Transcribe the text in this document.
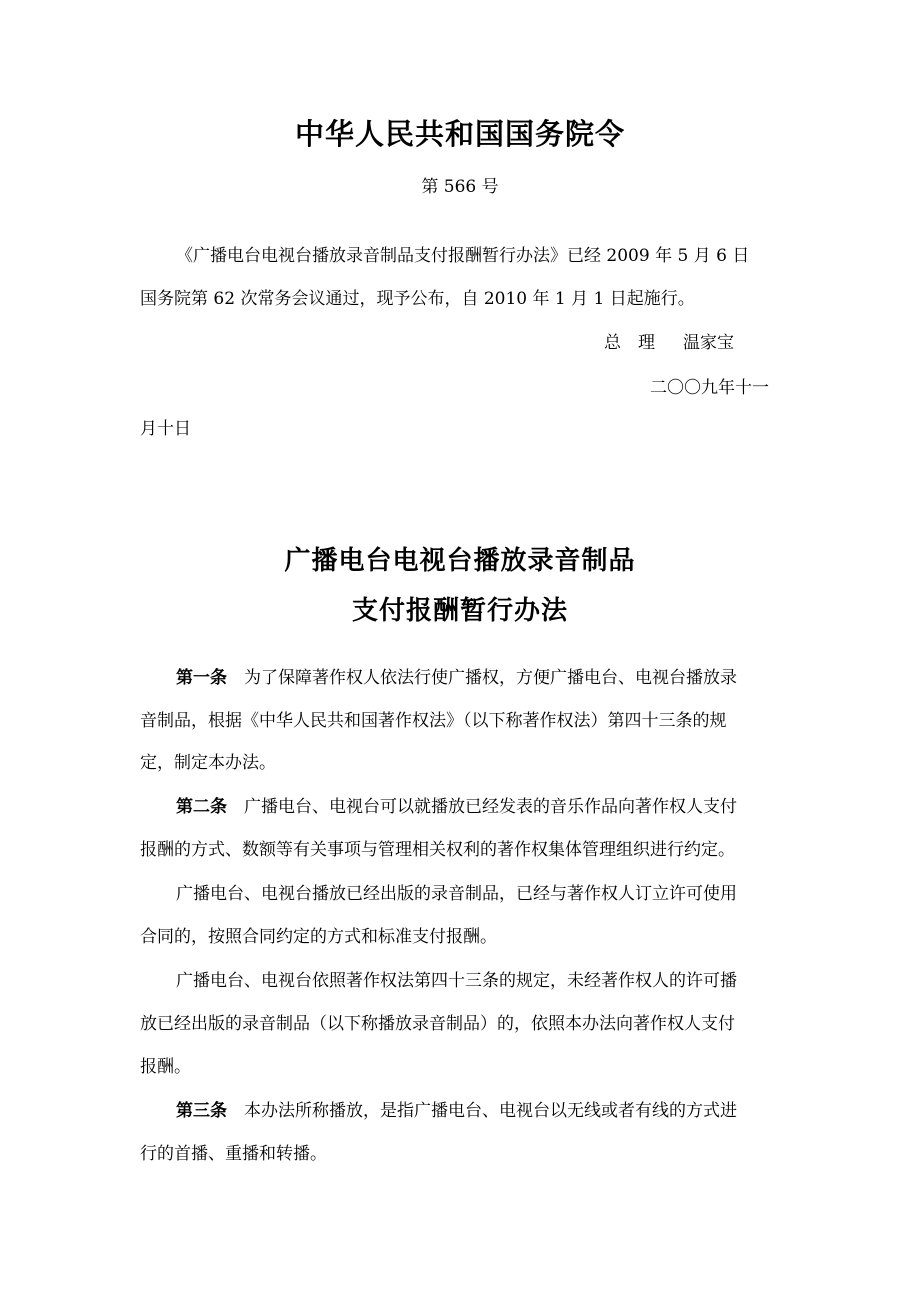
中华人民共和国国务院令
第 566 号
《广播电台电视台播放录音制品支付报酬暂行办法》已经 2009 年 5 月 6 日
国务院第 62 次常务会议通过，现予公布，自 2010 年 1 月 1 日起施行。
总　理 温家宝
二〇〇九年十一
月十日
广播电台电视台播放录音制品
支付报酬暂行办法
第一条 为了保障著作权人依法行使广播权，方便广播电台、电视台播放录
音制品，根据《中华人民共和国著作权法》（以下称著作权法）第四十三条的规
定，制定本办法。
第二条 广播电台、电视台可以就播放已经发表的音乐作品向著作权人支付
报酬的方式、数额等有关事项与管理相关权利的著作权集体管理组织进行约定。
广播电台、电视台播放已经出版的录音制品，已经与著作权人订立许可使用
合同的，按照合同约定的方式和标准支付报酬。
广播电台、电视台依照著作权法第四十三条的规定，未经著作权人的许可播
放已经出版的录音制品（以下称播放录音制品）的，依照本办法向著作权人支付
报酬。
第三条 本办法所称播放，是指广播电台、电视台以无线或者有线的方式进
行的首播、重播和转播。
